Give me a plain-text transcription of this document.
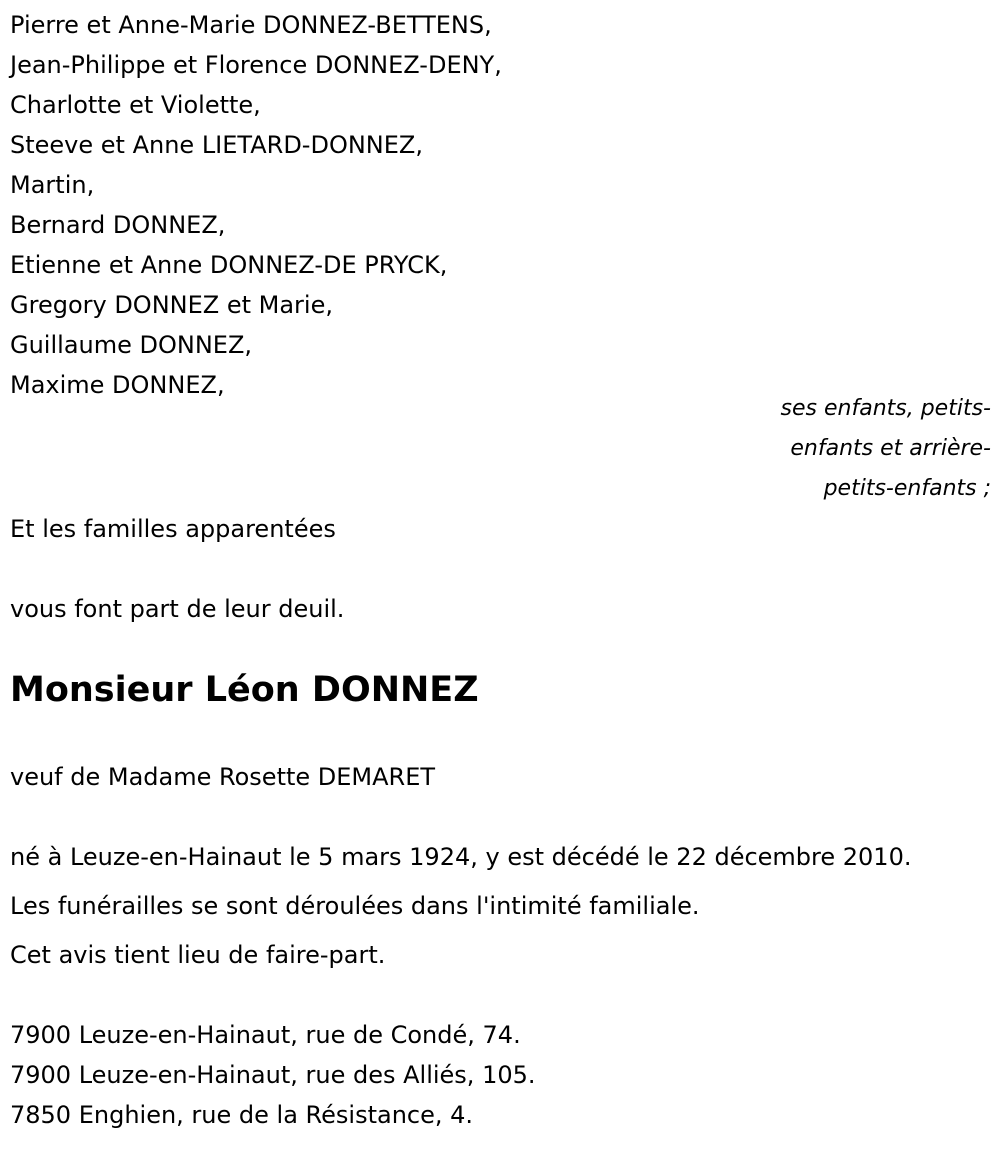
Pierre et Anne-Marie DONNEZ-BETTENS,
Jean-Philippe et Florence DONNEZ-DENY,
Charlotte et Violette,
Steeve et Anne LIETARD-DONNEZ,
Martin,
Bernard DONNEZ,
Etienne et Anne DONNEZ-DE PRYCK,
Gregory DONNEZ et Marie,
Guillaume DONNEZ,
Maxime DONNEZ,
ses enfants, petits-
enfants et arrière-
petits-enfants ;
Et les familles apparentées
vous font part de leur deuil.
Monsieur Léon DONNEZ
veuf de Madame Rosette DEMARET
né à Leuze-en-Hainaut le 5 mars 1924, y est décédé le 22 décembre 2010.
Les funérailles se sont déroulées dans l'intimité familiale.
Cet avis tient lieu de faire-part.
7900 Leuze-en-Hainaut, rue de Condé, 74.
7900 Leuze-en-Hainaut, rue des Alliés, 105.
7850 Enghien, rue de la Résistance, 4.
